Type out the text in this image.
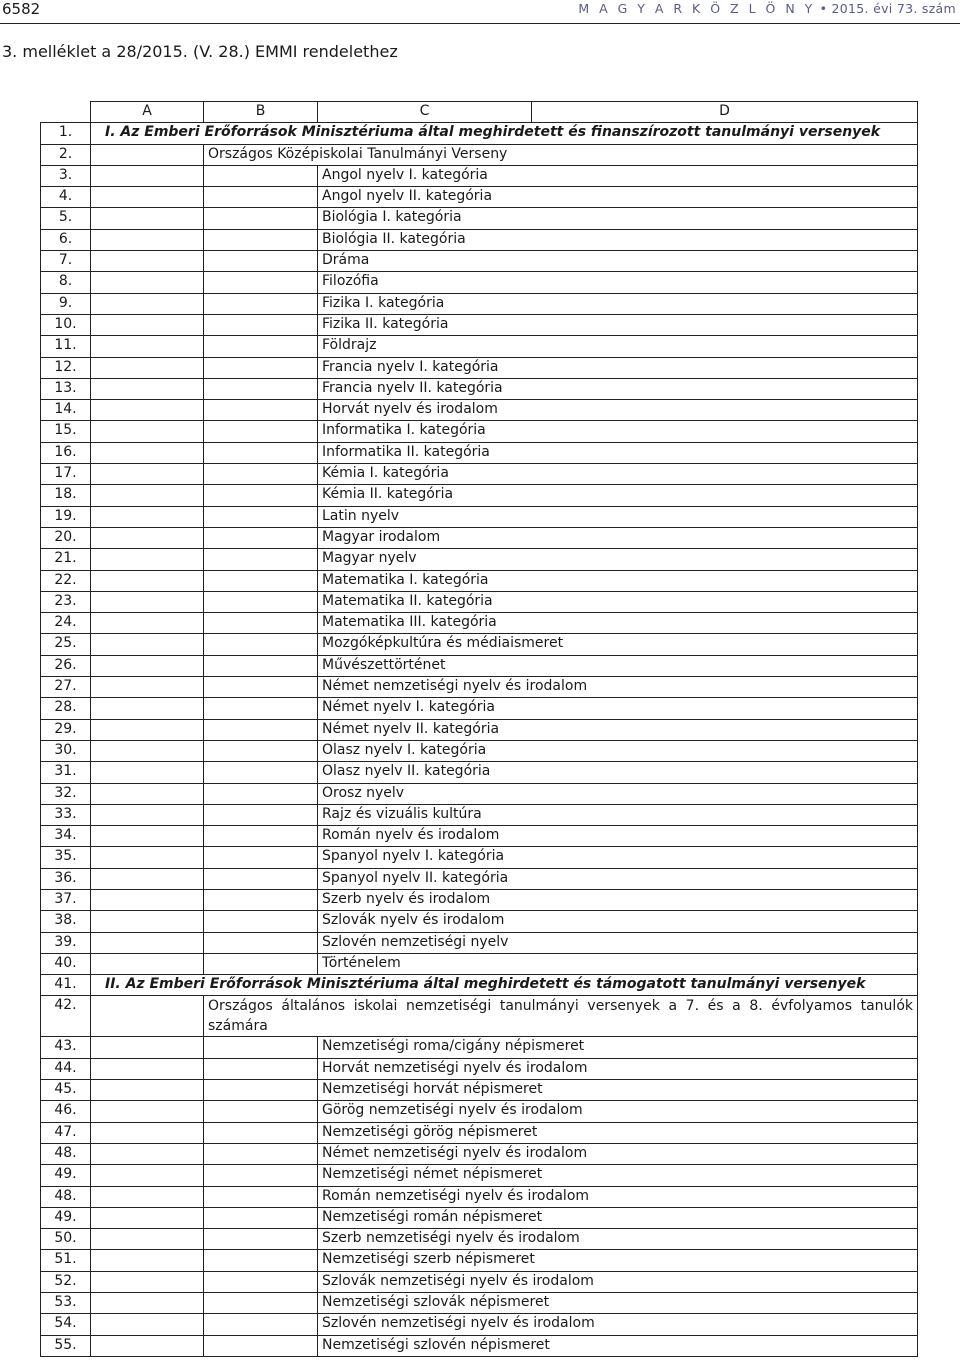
6582	M A G Y A R K Ö Z L Ö N Y • 2015. évi 73. szám
3. melléklet a 28/2015. (V. 28.) EMMI rendelethez
	A	B	C	D
1.	I. Az Emberi Erőforrások Minisztériuma által meghirdetett és finanszírozott tanulmányi versenyek			
2.		Országos Középiskolai Tanulmányi Verseny		
3.			Angol nyelv I. kategória	
4.			Angol nyelv II. kategória	
5.			Biológia I. kategória	
6.			Biológia II. kategória	
7.			Dráma	
8.			Filozófia	
9.			Fizika I. kategória	
10.			Fizika II. kategória	
11.			Földrajz	
12.			Francia nyelv I. kategória	
13.			Francia nyelv II. kategória	
14.			Horvát nyelv és irodalom	
15.			Informatika I. kategória	
16.			Informatika II. kategória	
17.			Kémia I. kategória	
18.			Kémia II. kategória	
19.			Latin nyelv	
20.			Magyar irodalom	
21.			Magyar nyelv	
22.			Matematika I. kategória	
23.			Matematika II. kategória	
24.			Matematika III. kategória	
25.			Mozgóképkultúra és médiaismeret	
26.			Művészettörténet	
27.			Német nemzetiségi nyelv és irodalom	
28.			Német nyelv I. kategória	
29.			Német nyelv II. kategória	
30.			Olasz nyelv I. kategória	
31.			Olasz nyelv II. kategória	
32.			Orosz nyelv	
33.			Rajz és vizuális kultúra	
34.			Román nyelv és irodalom	
35.			Spanyol nyelv I. kategória	
36.			Spanyol nyelv II. kategória	
37.			Szerb nyelv és irodalom	
38.			Szlovák nyelv és irodalom	
39.			Szlovén nemzetiségi nyelv	
40.			Történelem	
41.	II. Az Emberi Erőforrások Minisztériuma által meghirdetett és támogatott tanulmányi versenyek			
42.		Országos általános iskolai nemzetiségi tanulmányi versenyek a 7. és a 8. évfolyamos tanulók
számára		

43.			Nemzetiségi roma/cigány népismeret	
44.			Horvát nemzetiségi nyelv és irodalom	
45.			Nemzetiségi horvát népismeret	
46.			Görög nemzetiségi nyelv és irodalom	
47.			Nemzetiségi görög népismeret	
48.			Német nemzetiségi nyelv és irodalom	
49.			Nemzetiségi német népismeret	
48.			Román nemzetiségi nyelv és irodalom	
49.			Nemzetiségi román népismeret	
50.			Szerb nemzetiségi nyelv és irodalom	
51.			Nemzetiségi szerb népismeret	
52.			Szlovák nemzetiségi nyelv és irodalom	
53.			Nemzetiségi szlovák népismeret	
54.			Szlovén nemzetiségi nyelv és irodalom	
55.			Nemzetiségi szlovén népismeret	
